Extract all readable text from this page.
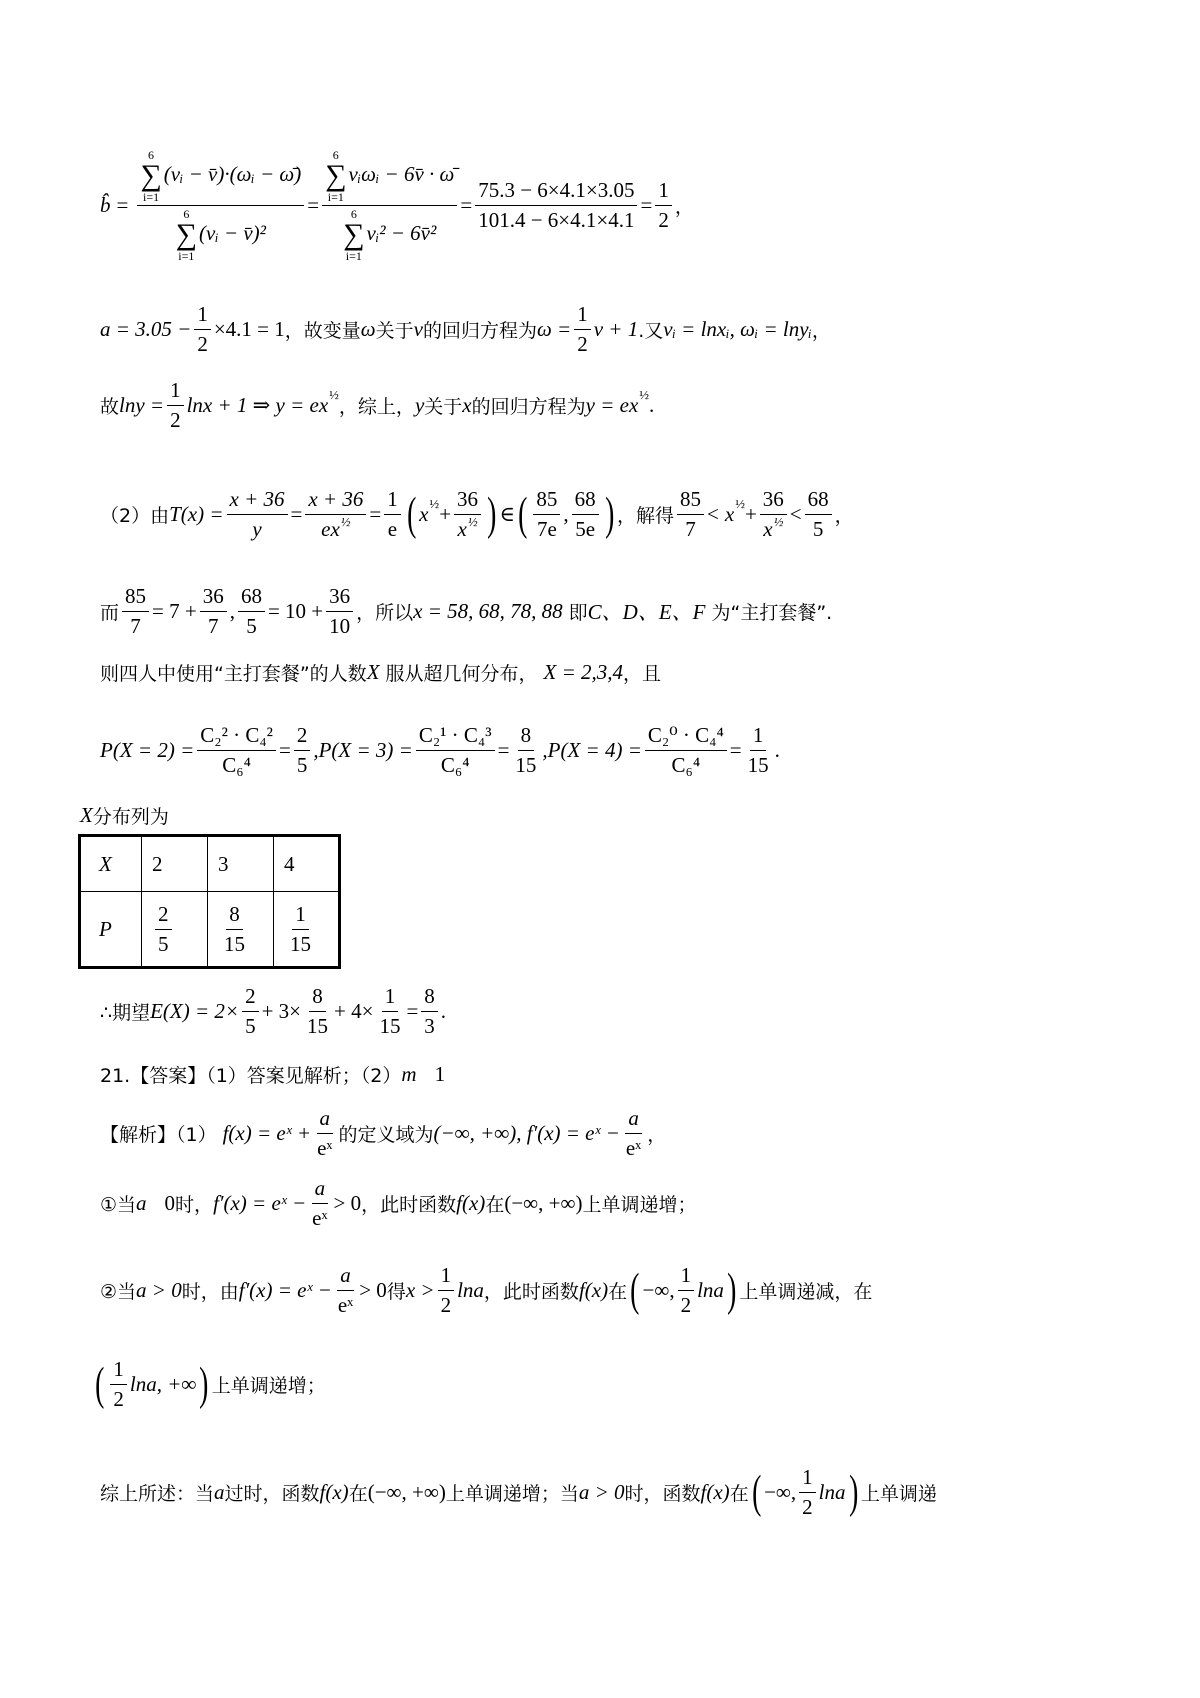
b̂ = 6
∑
i=1
(vᵢ − v̄)·(ωᵢ − ω̄)
6
∑
i=1
(vᵢ − v̄)² = 6
∑
i=1
vᵢωᵢ − 6v̄ · ω̄
6
∑
i=1
vᵢ² − 6v̄² = $\frac{75.3 - 6\times 4.1\times 3.05}{101.4 - 6\times 4.1\times 4.1} = \frac{1}{2}$ ，
$a = 3.05 - \frac{1}{2} \times 4.1 = 1$ ，故变量 ω 关于 v 的回归方程为 $\omega = \frac{1}{2}$ v + 1 .又 vᵢ = lnxᵢ, ωᵢ = lnyᵢ ，
故 $\ln y = \frac{1}{2}$ lnx + 1 ⇒ y = ex ½
，综上， y 关于 x 的回归方程为 y = ex ½ .
（2）由 $T(x) = \frac{x + 36}{y} = \frac{x + 36}{ex^{\frac{1}{2}}} = \frac{1}{e}$ ( x ½ + $\frac{36}{x^{\frac{1}{2}}}$ ) ∈ ( $\frac{85}{7e}$ , $\frac{68}{5e}$ ) ，解得 $\frac{85}{7} < x$ ½ + $\frac{36}{x^{\frac{1}{2}}} < \frac{68}{5}$ ，
而 $\frac{85}{7} = 7 + \frac{36}{7}$ , $\frac{68}{5} = 10 + \frac{36}{10}$ ，所以 x = 58, 68, 78, 88 即 C、D、E、F 为“主打套餐”.
则四人中使用“主打套餐”的人数 X 服从超几何分布， X = 2,3,4 ，且
$P(X = 2) = \frac{\text{C₂² · C₄²}}{\text{C₆⁴}} = \frac{2}{5} ,P(X = 3) = \frac{\text{C₂¹ · C₄³}}{\text{C₆⁴}} = \frac{8}{15} ,P(X = 4) = \frac{\text{C₂⁰ · C₄⁴}}{\text{C₆⁴}} = \frac{1}{15}$ .
X 分布列为
X	2	3	4
P	$\frac{2}{5}$	$\frac{8}{15}$	$\frac{1}{15}$
∴期望 $E(X) = 2\times \frac{2}{5} + 3\times \frac{8}{15} + 4\times \frac{1}{15} = \frac{8}{3}$ .
21.【答案】（1）答案见解析；（2） m 1
【解析】（1） f(x) = eˣ + $\frac{a}{\text{eˣ}}$ 的定义域为 (−∞, +∞), f′(x) = eˣ − $\frac{a}{\text{eˣ}}$ ，
①当 a 0 时， f′(x) = eˣ − $\frac{a}{\text{eˣ}} > 0$ ，此时函数 f(x) 在 (−∞, +∞) 上单调递增；
②当 a > 0 时，由 f′(x) = eˣ − $\frac{a}{\text{eˣ}} > 0$ 得 $x > \frac{1}{2}$ lna ，此时函数 f(x) 在 ( −∞, $\frac{1}{2}$ lna ) 上单调递减，在
( $\frac{1}{2} \ln a$, +∞ ) 上单调递增；
综上所述：当 a 过时，函数 f(x) 在 (−∞, +∞) 上单调递增；当 a > 0 时，函数 f(x) 在 ( −∞, $\frac{1}{2}$ lna ) 上单调递
